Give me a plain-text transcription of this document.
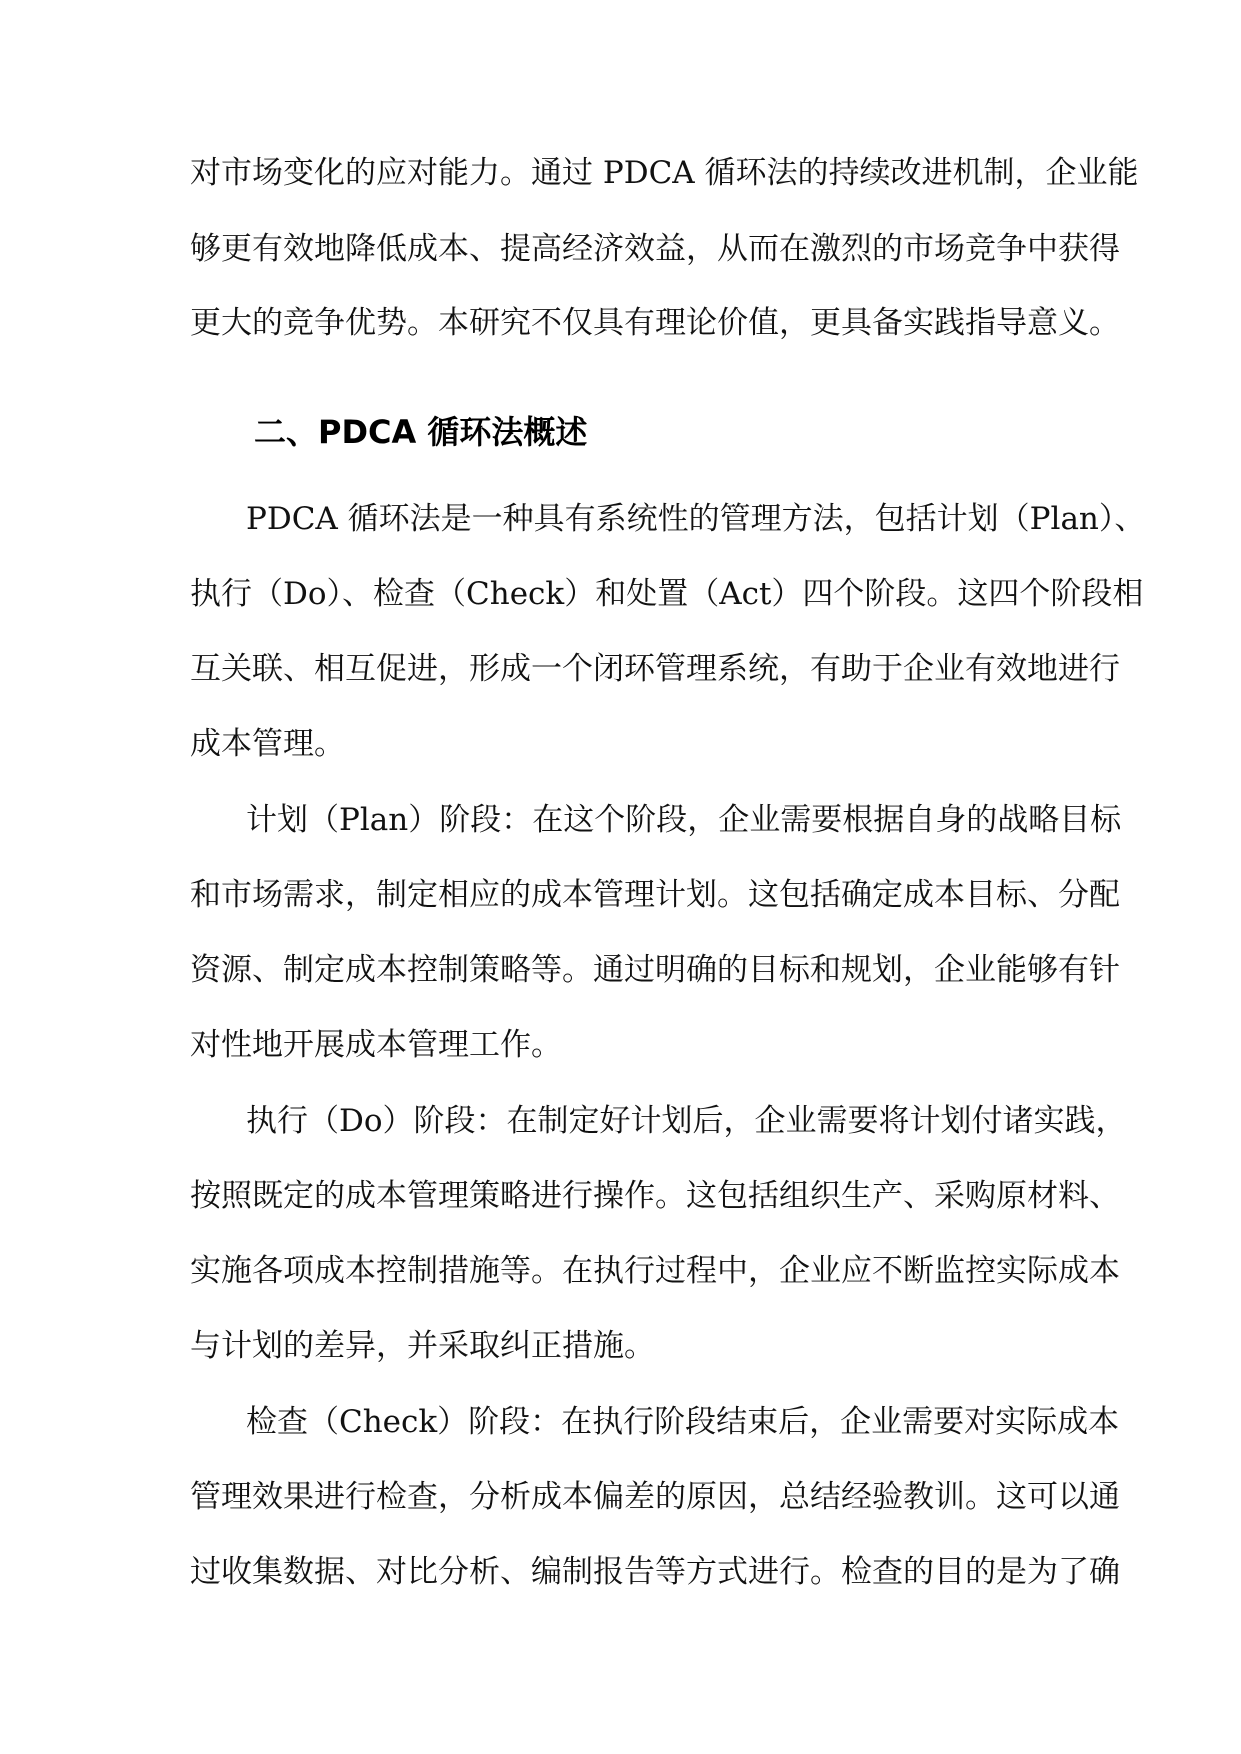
对市场变化的应对能力。通过 PDCA 循环法的持续改进机制，企业能
够更有效地降低成本、提高经济效益，从而在激烈的市场竞争中获得
更大的竞争优势。本研究不仅具有理论价值，更具备实践指导意义。
二、PDCA 循环法概述
PDCA 循环法是一种具有系统性的管理方法，包括计划（Plan）、
执行（Do）、检查（Check）和处置（Act）四个阶段。这四个阶段相
互关联、相互促进，形成一个闭环管理系统，有助于企业有效地进行
成本管理。
计划（Plan）阶段：在这个阶段，企业需要根据自身的战略目标
和市场需求，制定相应的成本管理计划。这包括确定成本目标、分配
资源、制定成本控制策略等。通过明确的目标和规划，企业能够有针
对性地开展成本管理工作。
执行（Do）阶段：在制定好计划后，企业需要将计划付诸实践，
按照既定的成本管理策略进行操作。这包括组织生产、采购原材料、
实施各项成本控制措施等。在执行过程中，企业应不断监控实际成本
与计划的差异，并采取纠正措施。
检查（Check）阶段：在执行阶段结束后，企业需要对实际成本
管理效果进行检查，分析成本偏差的原因，总结经验教训。这可以通
过收集数据、对比分析、编制报告等方式进行。检查的目的是为了确
